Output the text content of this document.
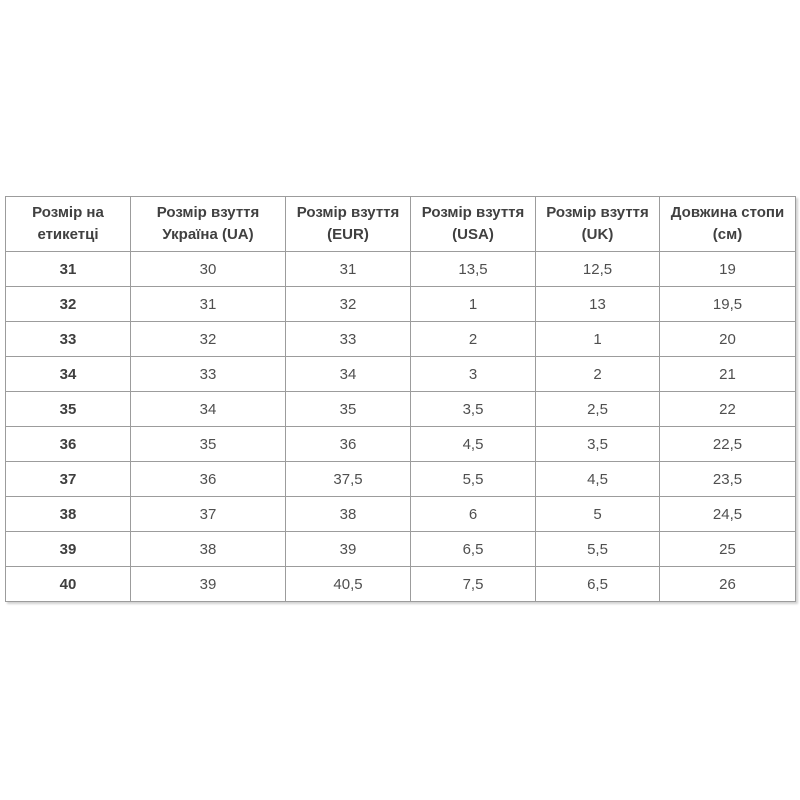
Розмір на етикетці	Розмір взуття Україна (UA)	Розмір взуття (EUR)	Розмір взуття (USA)	Розмір взуття (UK)	Довжина стопи (см)
31	30	31	13,5	12,5	19
32	31	32	1	13	19,5
33	32	33	2	1	20
34	33	34	3	2	21
35	34	35	3,5	2,5	22
36	35	36	4,5	3,5	22,5
37	36	37,5	5,5	4,5	23,5
38	37	38	6	5	24,5
39	38	39	6,5	5,5	25
40	39	40,5	7,5	6,5	26
